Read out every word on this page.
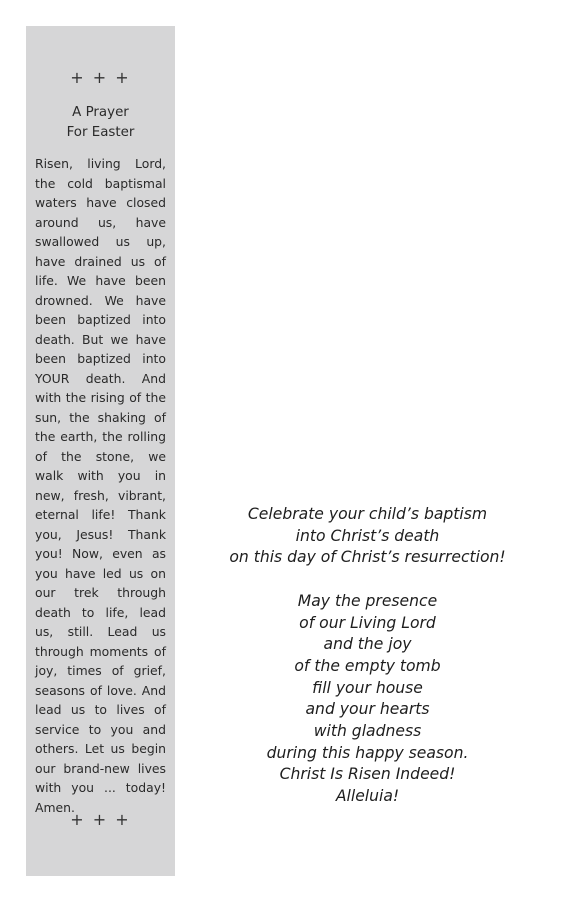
+ + +
A Prayer
For Easter

Risen, living Lord, the cold baptismal waters have closed around us, have swallowed us up, have drained us of life. We have been drowned. We have been baptized into death. But we have been baptized into YOUR death. And with the rising of the sun, the shaking of the earth, the rolling of the stone, we walk with you in new, fresh, vibrant, eternal life! Thank you, Jesus! Thank you! Now, even as you have led us on our trek through death to life, lead us, still. Lead us through moments of joy, times of grief, seasons of love. And lead us to lives of service to you and others. Let us begin our brand-new lives with you ... today! Amen.

+ + +
Celebrate your child’s baptism
into Christ’s death
on this day of Christ’s resurrection!
May the presence
of our Living Lord
and the joy
of the empty tomb
fill your house
and your hearts
with gladness
during this happy season.
Christ Is Risen Indeed!
Alleluia!
